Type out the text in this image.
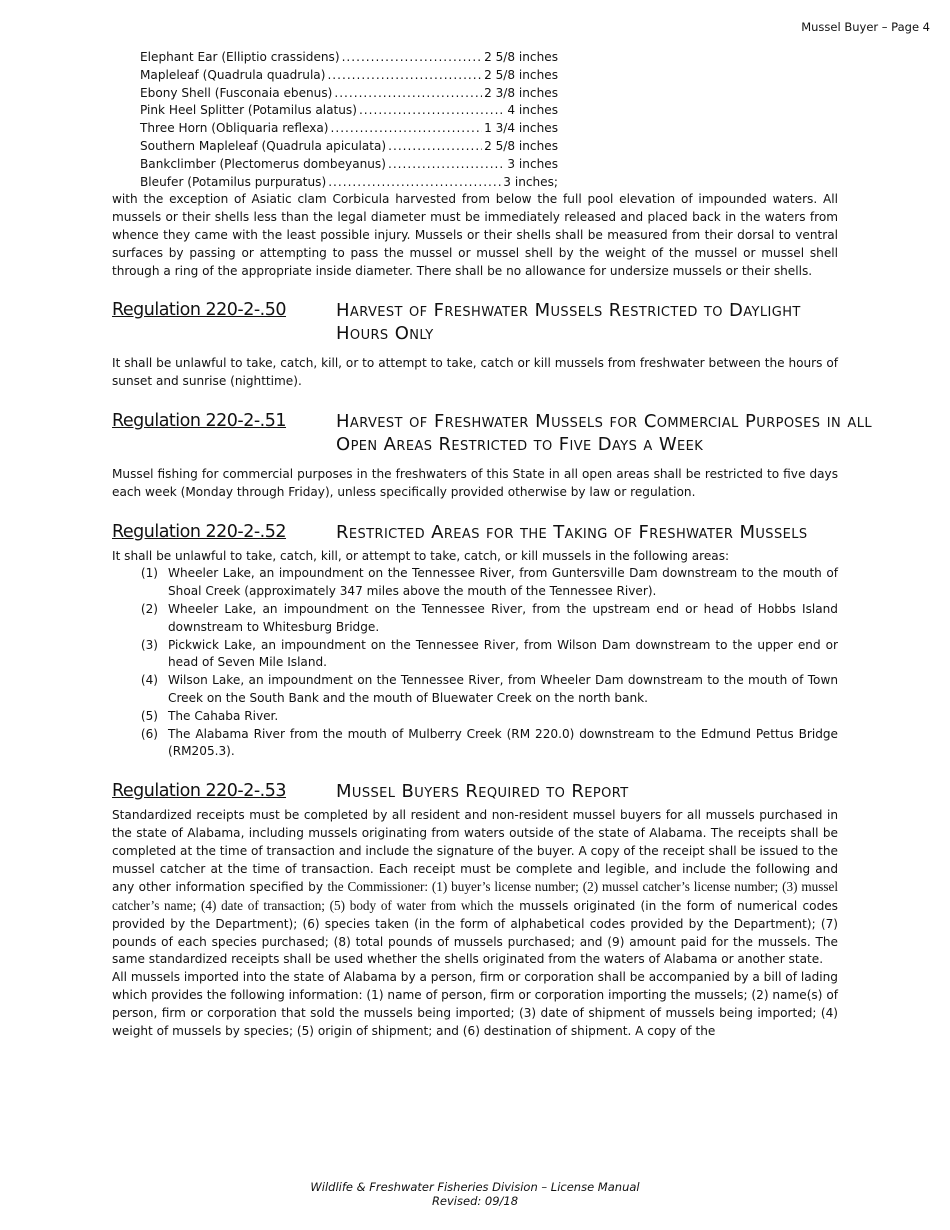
Mussel Buyer – Page 4
Elephant Ear (Elliptio crassidens) .....	2 5/8 inches
Mapleleaf (Quadrula quadrula) .....	2 5/8 inches
Ebony Shell (Fusconaia ebenus) .....	2 3/8 inches
Pink Heel Splitter (Potamilus alatus) .....	4 inches
Three Horn (Obliquaria reflexa) .....	1 3/4 inches
Southern Mapleleaf (Quadrula apiculata) .....	2 5/8 inches
Bankclimber (Plectomerus dombeyanus) .....	3 inches
Bleufer (Potamilus purpuratus) .....	3 inches;

with the exception of Asiatic clam Corbicula harvested from below the full pool elevation of impounded waters. All mussels or their shells less than the legal diameter must be immediately released and placed back in the waters from whence they came with the least possible injury. Mussels or their shells shall be measured from their dorsal to ventral surfaces by passing or attempting to pass the mussel or mussel shell by the weight of the mussel or mussel shell through a ring of the appropriate inside diameter. There shall be no allowance for undersize mussels or their shells.

Regulation 220-2-.50	Harvest of Freshwater Mussels Restricted to Daylight Hours Only

It shall be unlawful to take, catch, kill, or to attempt to take, catch or kill mussels from freshwater between the hours of sunset and sunrise (nighttime).

Regulation 220-2-.51	Harvest of Freshwater Mussels for Commercial Purposes in all Open Areas Restricted to Five Days a Week

Mussel fishing for commercial purposes in the freshwaters of this State in all open areas shall be restricted to five days each week (Monday through Friday), unless specifically provided otherwise by law or regulation.

Regulation 220-2-.52	Restricted Areas for the Taking of Freshwater Mussels

It shall be unlawful to take, catch, kill, or attempt to take, catch, or kill mussels in the following areas:

(1) Wheeler Lake, an impoundment on the Tennessee River, from Guntersville Dam downstream to the mouth of Shoal Creek (approximately 347 miles above the mouth of the Tennessee River).
(2) Wheeler Lake, an impoundment on the Tennessee River, from the upstream end or head of Hobbs Island downstream to Whitesburg Bridge.
(3) Pickwick Lake, an impoundment on the Tennessee River, from Wilson Dam downstream to the upper end or head of Seven Mile Island.
(4) Wilson Lake, an impoundment on the Tennessee River, from Wheeler Dam downstream to the mouth of Town Creek on the South Bank and the mouth of Bluewater Creek on the north bank.
(5) The Cahaba River.
(6) The Alabama River from the mouth of Mulberry Creek (RM 220.0) downstream to the Edmund Pettus Bridge (RM205.3).
Regulation 220-2-.53	Mussel Buyers Required to Report

Standardized receipts must be completed by all resident and non-resident mussel buyers for all mussels purchased in the state of Alabama, including mussels originating from waters outside of the state of Alabama. The receipts shall be completed at the time of transaction and include the signature of the buyer. A copy of the receipt shall be issued to the mussel catcher at the time of transaction. Each receipt must be complete and legible, and include the following and any other information specified by the Commissioner: (1) buyer’s license number; (2) mussel catcher’s license number; (3) mussel catcher’s name; (4) date of transaction; (5) body of water from which the mussels originated (in the form of numerical codes provided by the Department); (6) species taken (in the form of alphabetical codes provided by the Department); (7) pounds of each species purchased; (8) total pounds of mussels purchased; and (9) amount paid for the mussels. The same standardized receipts shall be used whether the shells originated from the waters of Alabama or another state.

All mussels imported into the state of Alabama by a person, firm or corporation shall be accompanied by a bill of lading which provides the following information: (1) name of person, firm or corporation importing the mussels; (2) name(s) of person, firm or corporation that sold the mussels being imported; (3) date of shipment of mussels being imported; (4) weight of mussels by species; (5) origin of shipment; and (6) destination of shipment. A copy of the

Wildlife & Freshwater Fisheries Division – License Manual
Revised: 09/18
